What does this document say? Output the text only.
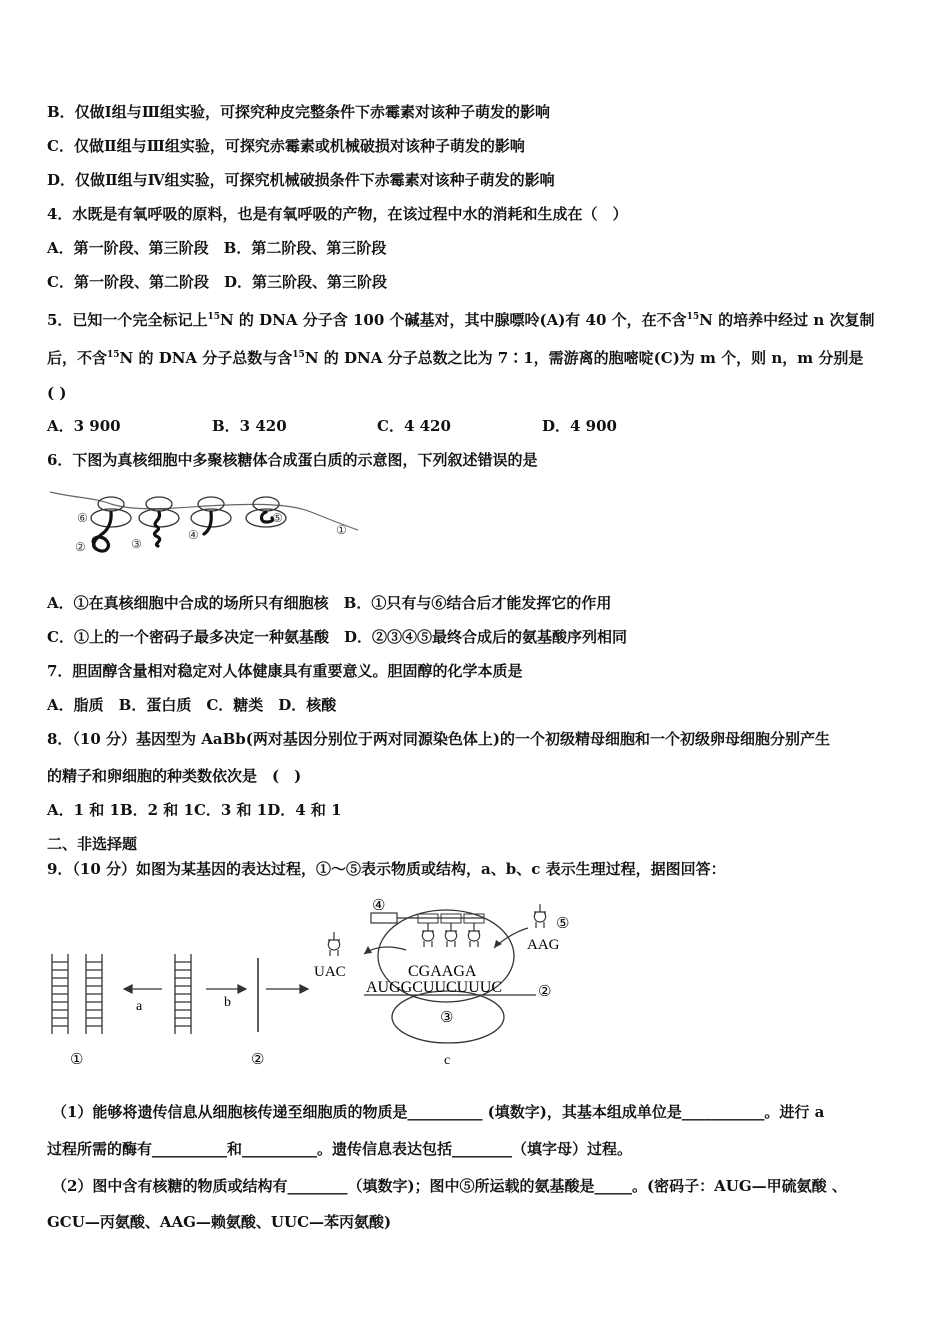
B．仅做Ⅰ组与Ⅲ组实验，可探究种皮完整条件下赤霉素对该种子萌发的影响
C．仅做Ⅱ组与Ⅲ组实验，可探究赤霉素或机械破损对该种子萌发的影响
D．仅做Ⅱ组与Ⅳ组实验，可探究机械破损条件下赤霉素对该种子萌发的影响
4．水既是有氧呼吸的原料，也是有氧呼吸的产物，在该过程中水的消耗和生成在（　）
A．第一阶段、第三阶段　B．第二阶段、第三阶段
C．第一阶段、第二阶段　D．第三阶段、第三阶段
5．已知一个完全标记上$^{15}$N 的 DNA 分子含 100 个碱基对，其中腺嘌呤(A)有 40 个，在不含$^{15}$N 的培养中经过 n 次复制
后，不含$^{15}$N 的 DNA 分子总数与含$^{15}$N 的 DNA 分子总数之比为 7∶1，需游离的胞嘧啶(C)为 m 个，则 n，m 分别是
( )
A．3 900	B．3 420	C．4 420	D．4 900
6．下图为真核细胞中多聚核糖体合成蛋白质的示意图，下列叙述错误的是
⑥
②	③
④
⑤
①
A．①在真核细胞中合成的场所只有细胞核　B．①只有与⑥结合后才能发挥它的作用
C．①上的一个密码子最多决定一种氨基酸　D．②③④⑤最终合成后的氨基酸序列相同
7．胆固醇含量相对稳定对人体健康具有重要意义。胆固醇的化学本质是
A．脂质　B．蛋白质　C．糖类　D．核酸
8．（10 分）基因型为 AaBb(两对基因分别位于两对同源染色体上)的一个初级精母细胞和一个初级卵母细胞分别产生
的精子和卵细胞的种类数依次是　(　)
A．1 和 1B．2 和 1C．3 和 1D．4 和 1
二、非选择题
9．（10 分）如图为某基因的表达过程，①～⑤表示物质或结构，a、b、c 表示生理过程，据图回答：
a	b
①	②
④
⑤
UAC
AAG
CGAAGA
AUGGCUUCUUUC ②
③
c
（1）能够将遗传信息从细胞核传递至细胞质的物质是__________ (填数字)，其基本组成单位是___________。进行 a
过程所需的酶有__________和__________。遗传信息表达包括________（填字母）过程。
（2）图中含有核糖的物质或结构有________（填数字)；图中⑤所运载的氨基酸是_____。(密码子：AUG—甲硫氨酸 、
GCU—丙氨酸、AAG—赖氨酸、UUC—苯丙氨酸)
